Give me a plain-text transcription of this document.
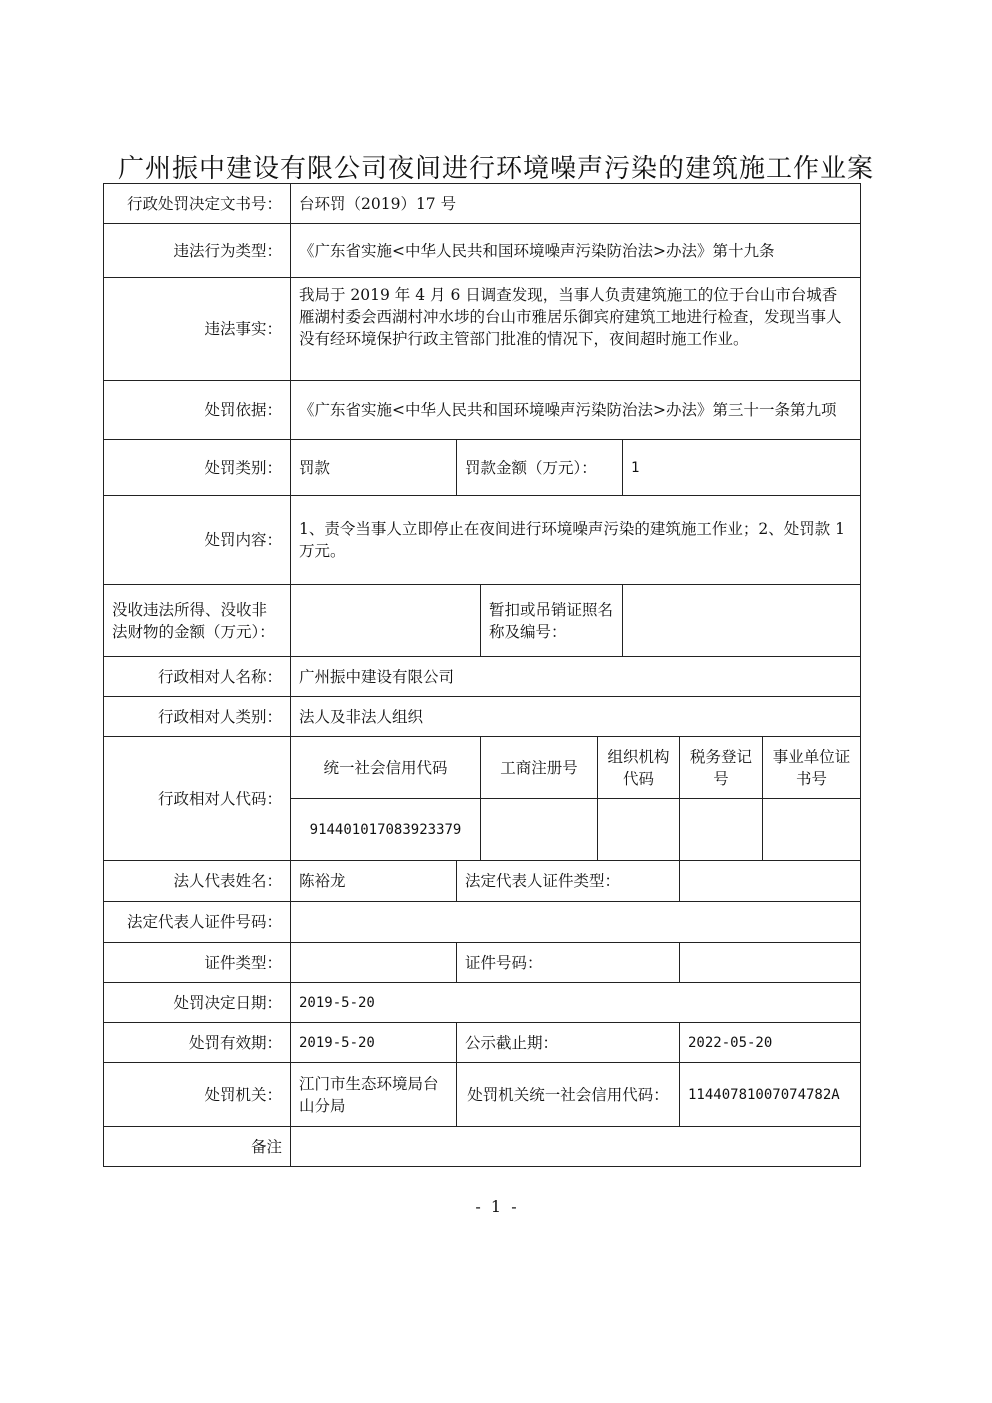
广州振中建设有限公司夜间进行环境噪声污染的建筑施工作业案
行政处罚决定文书号：	台环罚（2019）17 号						
违法行为类型：	《广东省实施<中华人民共和国环境噪声污染防治法>办法》第十九条						
违法事实：	我局于 2019 年 4 月 6 日调查发现，当事人负责建筑施工的位于台山市台城香雁湖村委会西湖村冲水埗的台山市雅居乐御宾府建筑工地进行检查，发现当事人没有经环境保护行政主管部门批准的情况下，夜间超时施工作业。						
处罚依据：	《广东省实施<中华人民共和国环境噪声污染防治法>办法》第三十一条第九项						
处罚类别：	罚款	罚款金额（万元）：			1		
处罚内容：	1、责令当事人立即停止在夜间进行环境噪声污染的建筑施工作业；2、处罚款 1 万元。						
没收违法所得、没收非法财物的金额（万元）：			暂扣或吊销证照名称及编号：				
行政相对人名称：	广州振中建设有限公司						
行政相对人类别：	法人及非法人组织						
行政相对人代码：	统一社会信用代码		工商注册号	组织机构代码		税务登记号	事业单位证书号
	914401017083923379						
法人代表姓名：	陈裕龙	法定代表人证件类型：					
法定代表人证件号码：							
证件类型：		证件号码：					
处罚决定日期：	2019-5-20						
处罚有效期：	2019-5-20	公示截止期：				2022-05-20	
处罚机关：	江门市生态环境局台山分局	处罚机关统一社会信用代码：				11440781007074782A	
备注							
-  1  -
